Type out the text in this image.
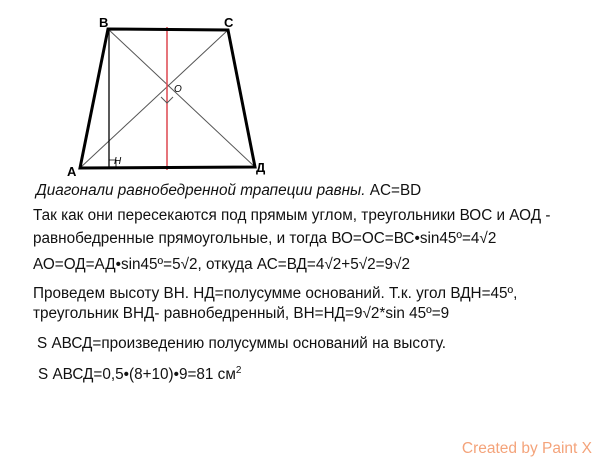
B	C
A	Д
O
H
Диагонали равнобедренной трапеции равны. AC=BD
Так как они пересекаются под прямым углом, треугольники ВОС и АОД -
равнобедренные прямоугольные, и тогда ВО=ОС=ВС•sin45º=4√2
АО=ОД=АД•sin45º=5√2, откуда АС=ВД=4√2+5√2=9√2
Проведем высоту ВН. НД=полусумме оснований. Т.к. угол ВДН=45º,
треугольник ВНД- равнобедренный, ВН=НД=9√2*sin 45º=9
S АВСД=произведению полусуммы оснований на высоту.
S АВСД=0,5•(8+10)•9=81 $см^2$
Created by Paint X
